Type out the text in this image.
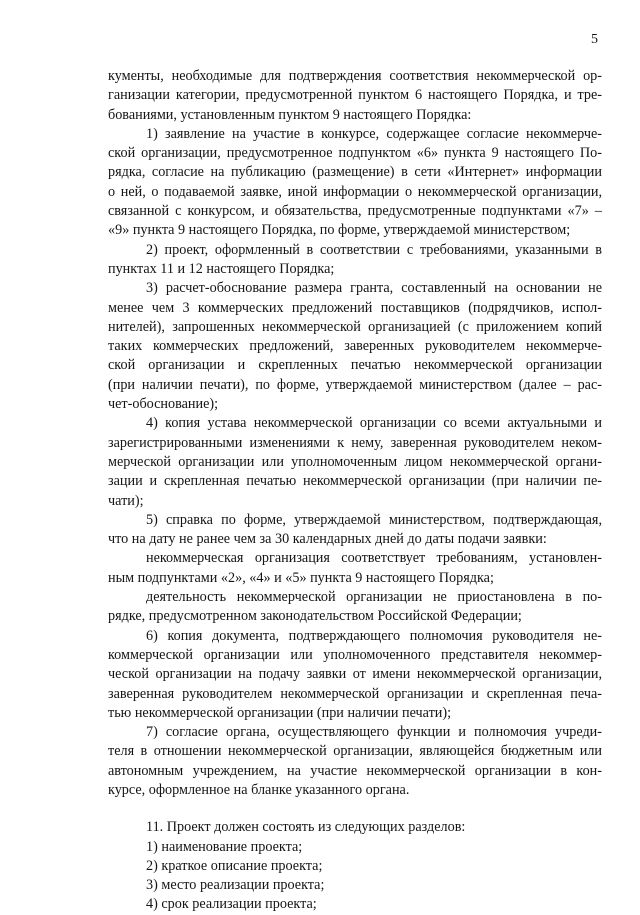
5
кументы, необходимые для подтверждения соответствия некоммерческой ор-
ганизации категории, предусмотренной пунктом 6 настоящего Порядка, и тре-
бованиями, установленным пунктом 9 настоящего Порядка:
1) заявление на участие в конкурсе, содержащее согласие некоммерче-
ской организации, предусмотренное подпунктом «6» пункта 9 настоящего По-
рядка, согласие на публикацию (размещение) в сети «Интернет» информации
о ней, о подаваемой заявке, иной информации о некоммерческой организации,
связанной с конкурсом, и обязательства, предусмотренные подпунктами «7» –
«9» пункта 9 настоящего Порядка, по форме, утверждаемой министерством;
2) проект, оформленный в соответствии с требованиями, указанными в
пунктах 11 и 12 настоящего Порядка;
3) расчет-обоснование размера гранта, составленный на основании не
менее чем 3 коммерческих предложений поставщиков (подрядчиков, испол-
нителей), запрошенных некоммерческой организацией (с приложением копий
таких коммерческих предложений, заверенных руководителем некоммерче-
ской организации и скрепленных печатью некоммерческой организации
(при наличии печати), по форме, утверждаемой министерством (далее – рас-
чет-обоснование);
4) копия устава некоммерческой организации со всеми актуальными и
зарегистрированными изменениями к нему, заверенная руководителем неком-
мерческой организации или уполномоченным лицом некоммерческой органи-
зации и скрепленная печатью некоммерческой организации (при наличии пе-
чати);
5) справка по форме, утверждаемой министерством, подтверждающая,
что на дату не ранее чем за 30 календарных дней до даты подачи заявки:
некоммерческая организация соответствует требованиям, установлен-
ным подпунктами «2», «4» и «5» пункта 9 настоящего Порядка;
деятельность некоммерческой организации не приостановлена в по-
рядке, предусмотренном законодательством Российской Федерации;
6) копия документа, подтверждающего полномочия руководителя не-
коммерческой организации или уполномоченного представителя некоммер-
ческой организации на подачу заявки от имени некоммерческой организации,
заверенная руководителем некоммерческой организации и скрепленная печа-
тью некоммерческой организации (при наличии печати);
7) согласие органа, осуществляющего функции и полномочия учреди-
теля в отношении некоммерческой организации, являющейся бюджетным или
автономным учреждением, на участие некоммерческой организации в кон-
курсе, оформленное на бланке указанного органа.
11. Проект должен состоять из следующих разделов:
1) наименование проекта;
2) краткое описание проекта;
3) место реализации проекта;
4) срок реализации проекта;
